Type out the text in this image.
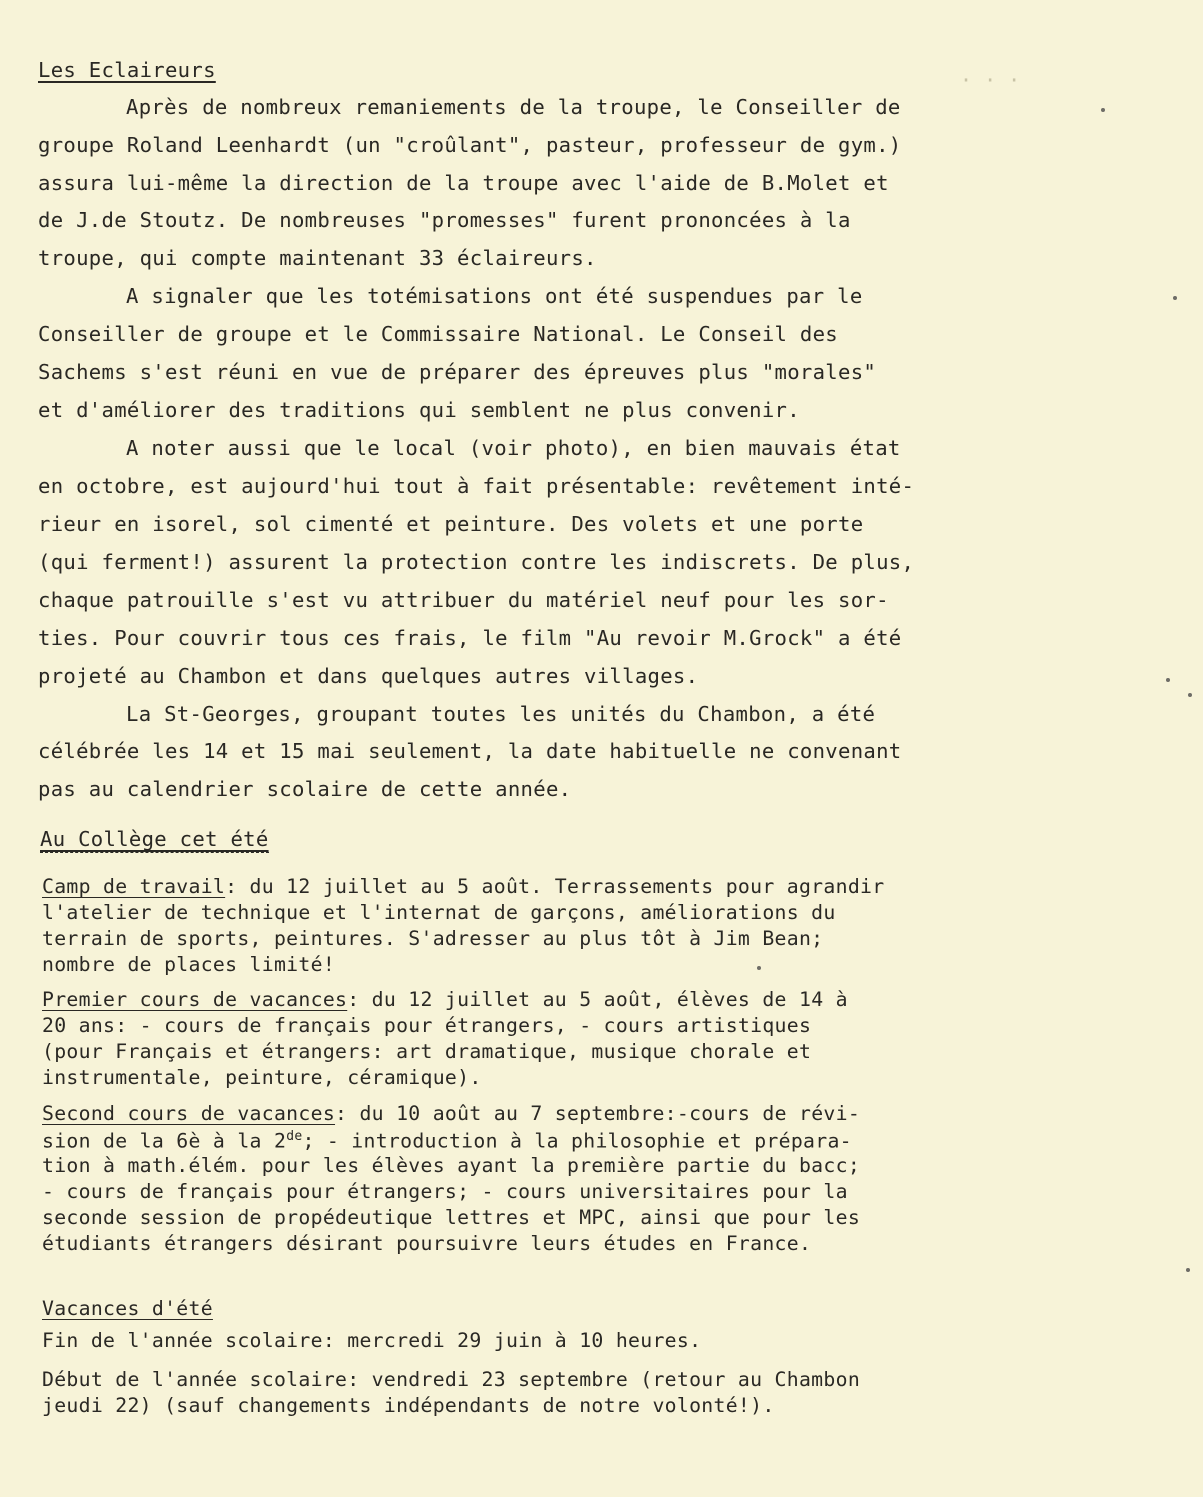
· · ·
Les Eclaireurs
Après de nombreux remaniements de la troupe, le Conseiller de
groupe Roland Leenhardt (un "croûlant", pasteur, professeur de gym.)
assura lui-même la direction de la troupe avec l'aide de B.Molet et
de J.de Stoutz. De nombreuses "promesses" furent prononcées à la
troupe, qui compte maintenant 33 éclaireurs.
A signaler que les totémisations ont été suspendues par le
Conseiller de groupe et le Commissaire National. Le Conseil des
Sachems s'est réuni en vue de préparer des épreuves plus "morales"
et d'améliorer des traditions qui semblent ne plus convenir.
A noter aussi que le local (voir photo), en bien mauvais état
en octobre, est aujourd'hui tout à fait présentable: revêtement inté-
rieur en isorel, sol cimenté et peinture. Des volets et une porte
(qui ferment!) assurent la protection contre les indiscrets. De plus,
chaque patrouille s'est vu attribuer du matériel neuf pour les sor-
ties. Pour couvrir tous ces frais, le film "Au revoir M.Grock" a été
projeté au Chambon et dans quelques autres villages.
La St-Georges, groupant toutes les unités du Chambon, a été
célébrée les 14 et 15 mai seulement, la date habituelle ne convenant
pas au calendrier scolaire de cette année.
Au Collège cet été
Camp de travail: du 12 juillet au 5 août. Terrassements pour agrandir
l'atelier de technique et l'internat de garçons, améliorations du
terrain de sports, peintures. S'adresser au plus tôt à Jim Bean;
nombre de places limité!
Premier cours de vacances: du 12 juillet au 5 août, élèves de 14 à
20 ans: - cours de français pour étrangers, - cours artistiques
(pour Français et étrangers: art dramatique, musique chorale et
instrumentale, peinture, céramique).
Second cours de vacances: du 10 août au 7 septembre:-cours de révi-
sion de la 6è à la 2de; - introduction à la philosophie et prépara-
tion à math.élém. pour les élèves ayant la première partie du bacc;
- cours de français pour étrangers; - cours universitaires pour la
seconde session de propédeutique lettres et MPC, ainsi que pour les
étudiants étrangers désirant poursuivre leurs études en France.
Vacances d'été
Fin de l'année scolaire: mercredi 29 juin à 10 heures.
Début de l'année scolaire: vendredi 23 septembre (retour au Chambon
jeudi 22) (sauf changements indépendants de notre volonté!).
